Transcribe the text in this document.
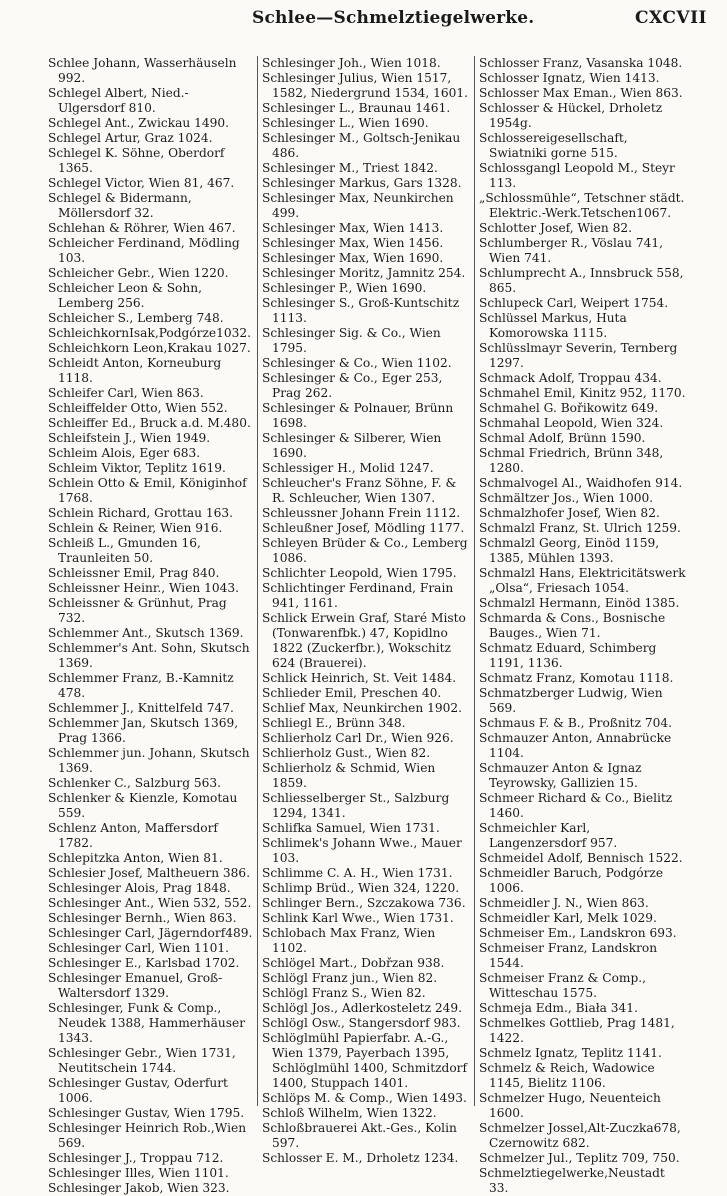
Schlee—Schmelztiegelwerke.	CXCVII
Schlee Johann, Wasserhäuseln 992.
Schlegel Albert, Nied.-Ulgersdorf 810.
Schlegel Ant., Zwickau 1490.
Schlegel Artur, Graz 1024.
Schlegel K. Söhne, Oberdorf 1365.
Schlegel Victor, Wien 81, 467.
Schlegel & Bidermann, Möllersdorf 32.
Schlehan & Röhrer, Wien 467.
Schleicher Ferdinand, Mödling 103.
Schleicher Gebr., Wien 1220.
Schleicher Leon & Sohn, Lemberg 256.
Schleicher S., Lemberg 748.
SchleichkornIsak,Podgórze1032.
Schleichkorn Leon,Krakau 1027.
Schleidt Anton, Korneuburg 1118.
Schleifer Carl, Wien 863.
Schleiffelder Otto, Wien 552.
Schleiffer Ed., Bruck a.d. M.480.
Schleifstein J., Wien 1949.
Schleim Alois, Eger 683.
Schleim Viktor, Teplitz 1619.
Schlein Otto & Emil, Königinhof 1768.
Schlein Richard, Grottau 163.
Schlein & Reiner, Wien 916.
Schleiß L., Gmunden 16, Traunleiten 50.
Schleissner Emil, Prag 840.
Schleissner Heinr., Wien 1043.
Schleissner & Grünhut, Prag 732.
Schlemmer Ant., Skutsch 1369.
Schlemmer's Ant. Sohn, Skutsch 1369.
Schlemmer Franz, B.-Kamnitz 478.
Schlemmer J., Knittelfeld 747.
Schlemmer Jan, Skutsch 1369, Prag 1366.
Schlemmer jun. Johann, Skutsch 1369.
Schlenker C., Salzburg 563.
Schlenker & Kienzle, Komotau 559.
Schlenz Anton, Maffersdorf 1782.
Schlepitzka Anton, Wien 81.
Schlesier Josef, Maltheuern 386.
Schlesinger Alois, Prag 1848.
Schlesinger Ant., Wien 532, 552.
Schlesinger Bernh., Wien 863.
Schlesinger Carl, Jägerndorf489.
Schlesinger Carl, Wien 1101.
Schlesinger E., Karlsbad 1702.
Schlesinger Emanuel, Groß-Waltersdorf 1329.
Schlesinger, Funk & Comp., Neudek 1388, Hammerhäuser 1343.
Schlesinger Gebr., Wien 1731, Neutitschein 1744.
Schlesinger Gustav, Oderfurt 1006.
Schlesinger Gustav, Wien 1795.
Schlesinger Heinrich Rob.,Wien 569.
Schlesinger J., Troppau 712.
Schlesinger Illes, Wien 1101.
Schlesinger Jakob, Wien 323.
Schlesinger Joh., Wien 1018.
Schlesinger Julius, Wien 1517, 1582, Niedergrund 1534, 1601.
Schlesinger L., Braunau 1461.
Schlesinger L., Wien 1690.
Schlesinger M., Goltsch-Jenikau 486.
Schlesinger M., Triest 1842.
Schlesinger Markus, Gars 1328.
Schlesinger Max, Neunkirchen 499.
Schlesinger Max, Wien 1413.
Schlesinger Max, Wien 1456.
Schlesinger Max, Wien 1690.
Schlesinger Moritz, Jamnitz 254.
Schlesinger P., Wien 1690.
Schlesinger S., Groß-Kuntschitz 1113.
Schlesinger Sig. & Co., Wien 1795.
Schlesinger & Co., Wien 1102.
Schlesinger & Co., Eger 253, Prag 262.
Schlesinger & Polnauer, Brünn 1698.
Schlesinger & Silberer, Wien 1690.
Schlessiger H., Molid 1247.
Schleucher's Franz Söhne, F. & R. Schleucher, Wien 1307.
Schleussner Johann Frein 1112.
Schleußner Josef, Mödling 1177.
Schleyen Brüder & Co., Lemberg 1086.
Schlichter Leopold, Wien 1795.
Schlichtinger Ferdinand, Frain 941, 1161.
Schlick Erwein Graf, Staré Misto (Tonwarenfbk.) 47, Kopidlno 1822 (Zuckerfbr.), Wokschitz 624 (Brauerei).
Schlick Heinrich, St. Veit 1484.
Schlieder Emil, Preschen 40.
Schlief Max, Neunkirchen 1902.
Schliegl E., Brünn 348.
Schlierholz Carl Dr., Wien 926.
Schlierholz Gust., Wien 82.
Schlierholz & Schmid, Wien 1859.
Schliesselberger St., Salzburg 1294, 1341.
Schlifka Samuel, Wien 1731.
Schlimek's Johann Wwe., Mauer 103.
Schlimme C. A. H., Wien 1731.
Schlimp Brüd., Wien 324, 1220.
Schlinger Bern., Szczakowa 736.
Schlink Karl Wwe., Wien 1731.
Schlobach Max Franz, Wien 1102.
Schlögel Mart., Dobřzan 938.
Schlögl Franz jun., Wien 82.
Schlögl Franz S., Wien 82.
Schlögl Jos., Adlerkosteletz 249.
Schlögl Osw., Stangersdorf 983.
Schlöglmühl Papierfabr. A.-G., Wien 1379, Payerbach 1395, Schlöglmühl 1400, Schmitzdorf 1400, Stuppach 1401.
Schlöps M. & Comp., Wien 1493.
Schloß Wilhelm, Wien 1322.
Schloßbrauerei Akt.-Ges., Kolin 597.
Schlosser E. M., Drholetz 1234.
Schlosser Franz, Vasanska 1048.
Schlosser Ignatz, Wien 1413.
Schlosser Max Eman., Wien 863.
Schlosser & Hückel, Drholetz 1954g.
Schlossereigesellschaft, Swiatniki gorne 515.
Schlossgangl Leopold M., Steyr 113.
„Schlossmühle“, Tetschner städt. Elektric.-Werk.Tetschen1067.
Schlotter Josef, Wien 82.
Schlumberger R., Vöslau 741, Wien 741.
Schlumprecht A., Innsbruck 558, 865.
Schlupeck Carl, Weipert 1754.
Schlüssel Markus, Huta Komorowska 1115.
Schlüsslmayr Severin, Ternberg 1297.
Schmack Adolf, Troppau 434.
Schmahel Emil, Kinitz 952, 1170.
Schmahel G. Bořikowitz 649.
Schmahal Leopold, Wien 324.
Schmal Adolf, Brünn 1590.
Schmal Friedrich, Brünn 348, 1280.
Schmalvogel Al., Waidhofen 914.
Schmältzer Jos., Wien 1000.
Schmalzhofer Josef, Wien 82.
Schmalzl Franz, St. Ulrich 1259.
Schmalzl Georg, Einöd 1159, 1385, Mühlen 1393.
Schmalzl Hans, Elektricitätswerk „Olsa“, Friesach 1054.
Schmalzl Hermann, Einöd 1385.
Schmarda & Cons., Bosnische Bauges., Wien 71.
Schmatz Eduard, Schimberg 1191, 1136.
Schmatz Franz, Komotau 1118.
Schmatzberger Ludwig, Wien 569.
Schmaus F. & B., Proßnitz 704.
Schmauzer Anton, Annabrücke 1104.
Schmauzer Anton & Ignaz Teyrowsky, Gallizien 15.
Schmeer Richard & Co., Bielitz 1460.
Schmeichler Karl, Langenzersdorf 957.
Schmeidel Adolf, Bennisch 1522.
Schmeidler Baruch, Podgórze 1006.
Schmeidler J. N., Wien 863.
Schmeidler Karl, Melk 1029.
Schmeiser Em., Landskron 693.
Schmeiser Franz, Landskron 1544.
Schmeiser Franz & Comp., Witteschau 1575.
Schmeja Edm., Biała 341.
Schmelkes Gottlieb, Prag 1481, 1422.
Schmelz Ignatz, Teplitz 1141.
Schmelz & Reich, Wadowice 1145, Bielitz 1106.
Schmelzer Hugo, Neuenteich 1600.
Schmelzer Jossel,Alt-Zuczka678, Czernowitz 682.
Schmelzer Jul., Teplitz 709, 750.
Schmelztiegelwerke,Neustadt 33.
